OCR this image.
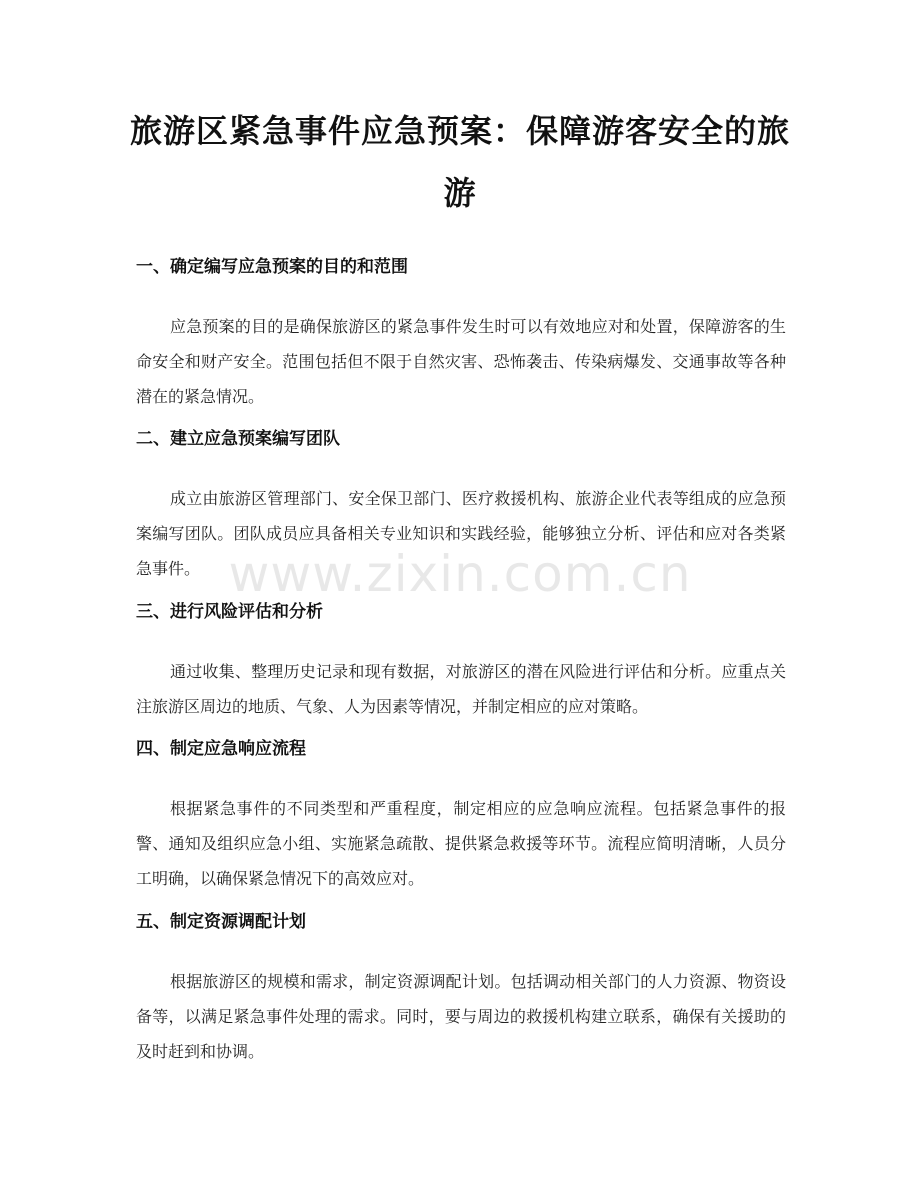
旅游区紧急事件应急预案：保障游客安全的旅游
一、确定编写应急预案的目的和范围

应急预案的目的是确保旅游区的紧急事件发生时可以有效地应对和处置，保障游客的生命安全和财产安全。范围包括但不限于自然灾害、恐怖袭击、传染病爆发、交通事故等各种潜在的紧急情况。

二、建立应急预案编写团队

成立由旅游区管理部门、安全保卫部门、医疗救援机构、旅游企业代表等组成的应急预案编写团队。团队成员应具备相关专业知识和实践经验，能够独立分析、评估和应对各类紧急事件。

三、进行风险评估和分析

通过收集、整理历史记录和现有数据，对旅游区的潜在风险进行评估和分析。应重点关注旅游区周边的地质、气象、人为因素等情况，并制定相应的应对策略。

四、制定应急响应流程

根据紧急事件的不同类型和严重程度，制定相应的应急响应流程。包括紧急事件的报警、通知及组织应急小组、实施紧急疏散、提供紧急救援等环节。流程应简明清晰，人员分工明确，以确保紧急情况下的高效应对。

五、制定资源调配计划

根据旅游区的规模和需求，制定资源调配计划。包括调动相关部门的人力资源、物资设备等，以满足紧急事件处理的需求。同时，要与周边的救援机构建立联系，确保有关援助的及时赶到和协调。

www.zixin.com.cn
